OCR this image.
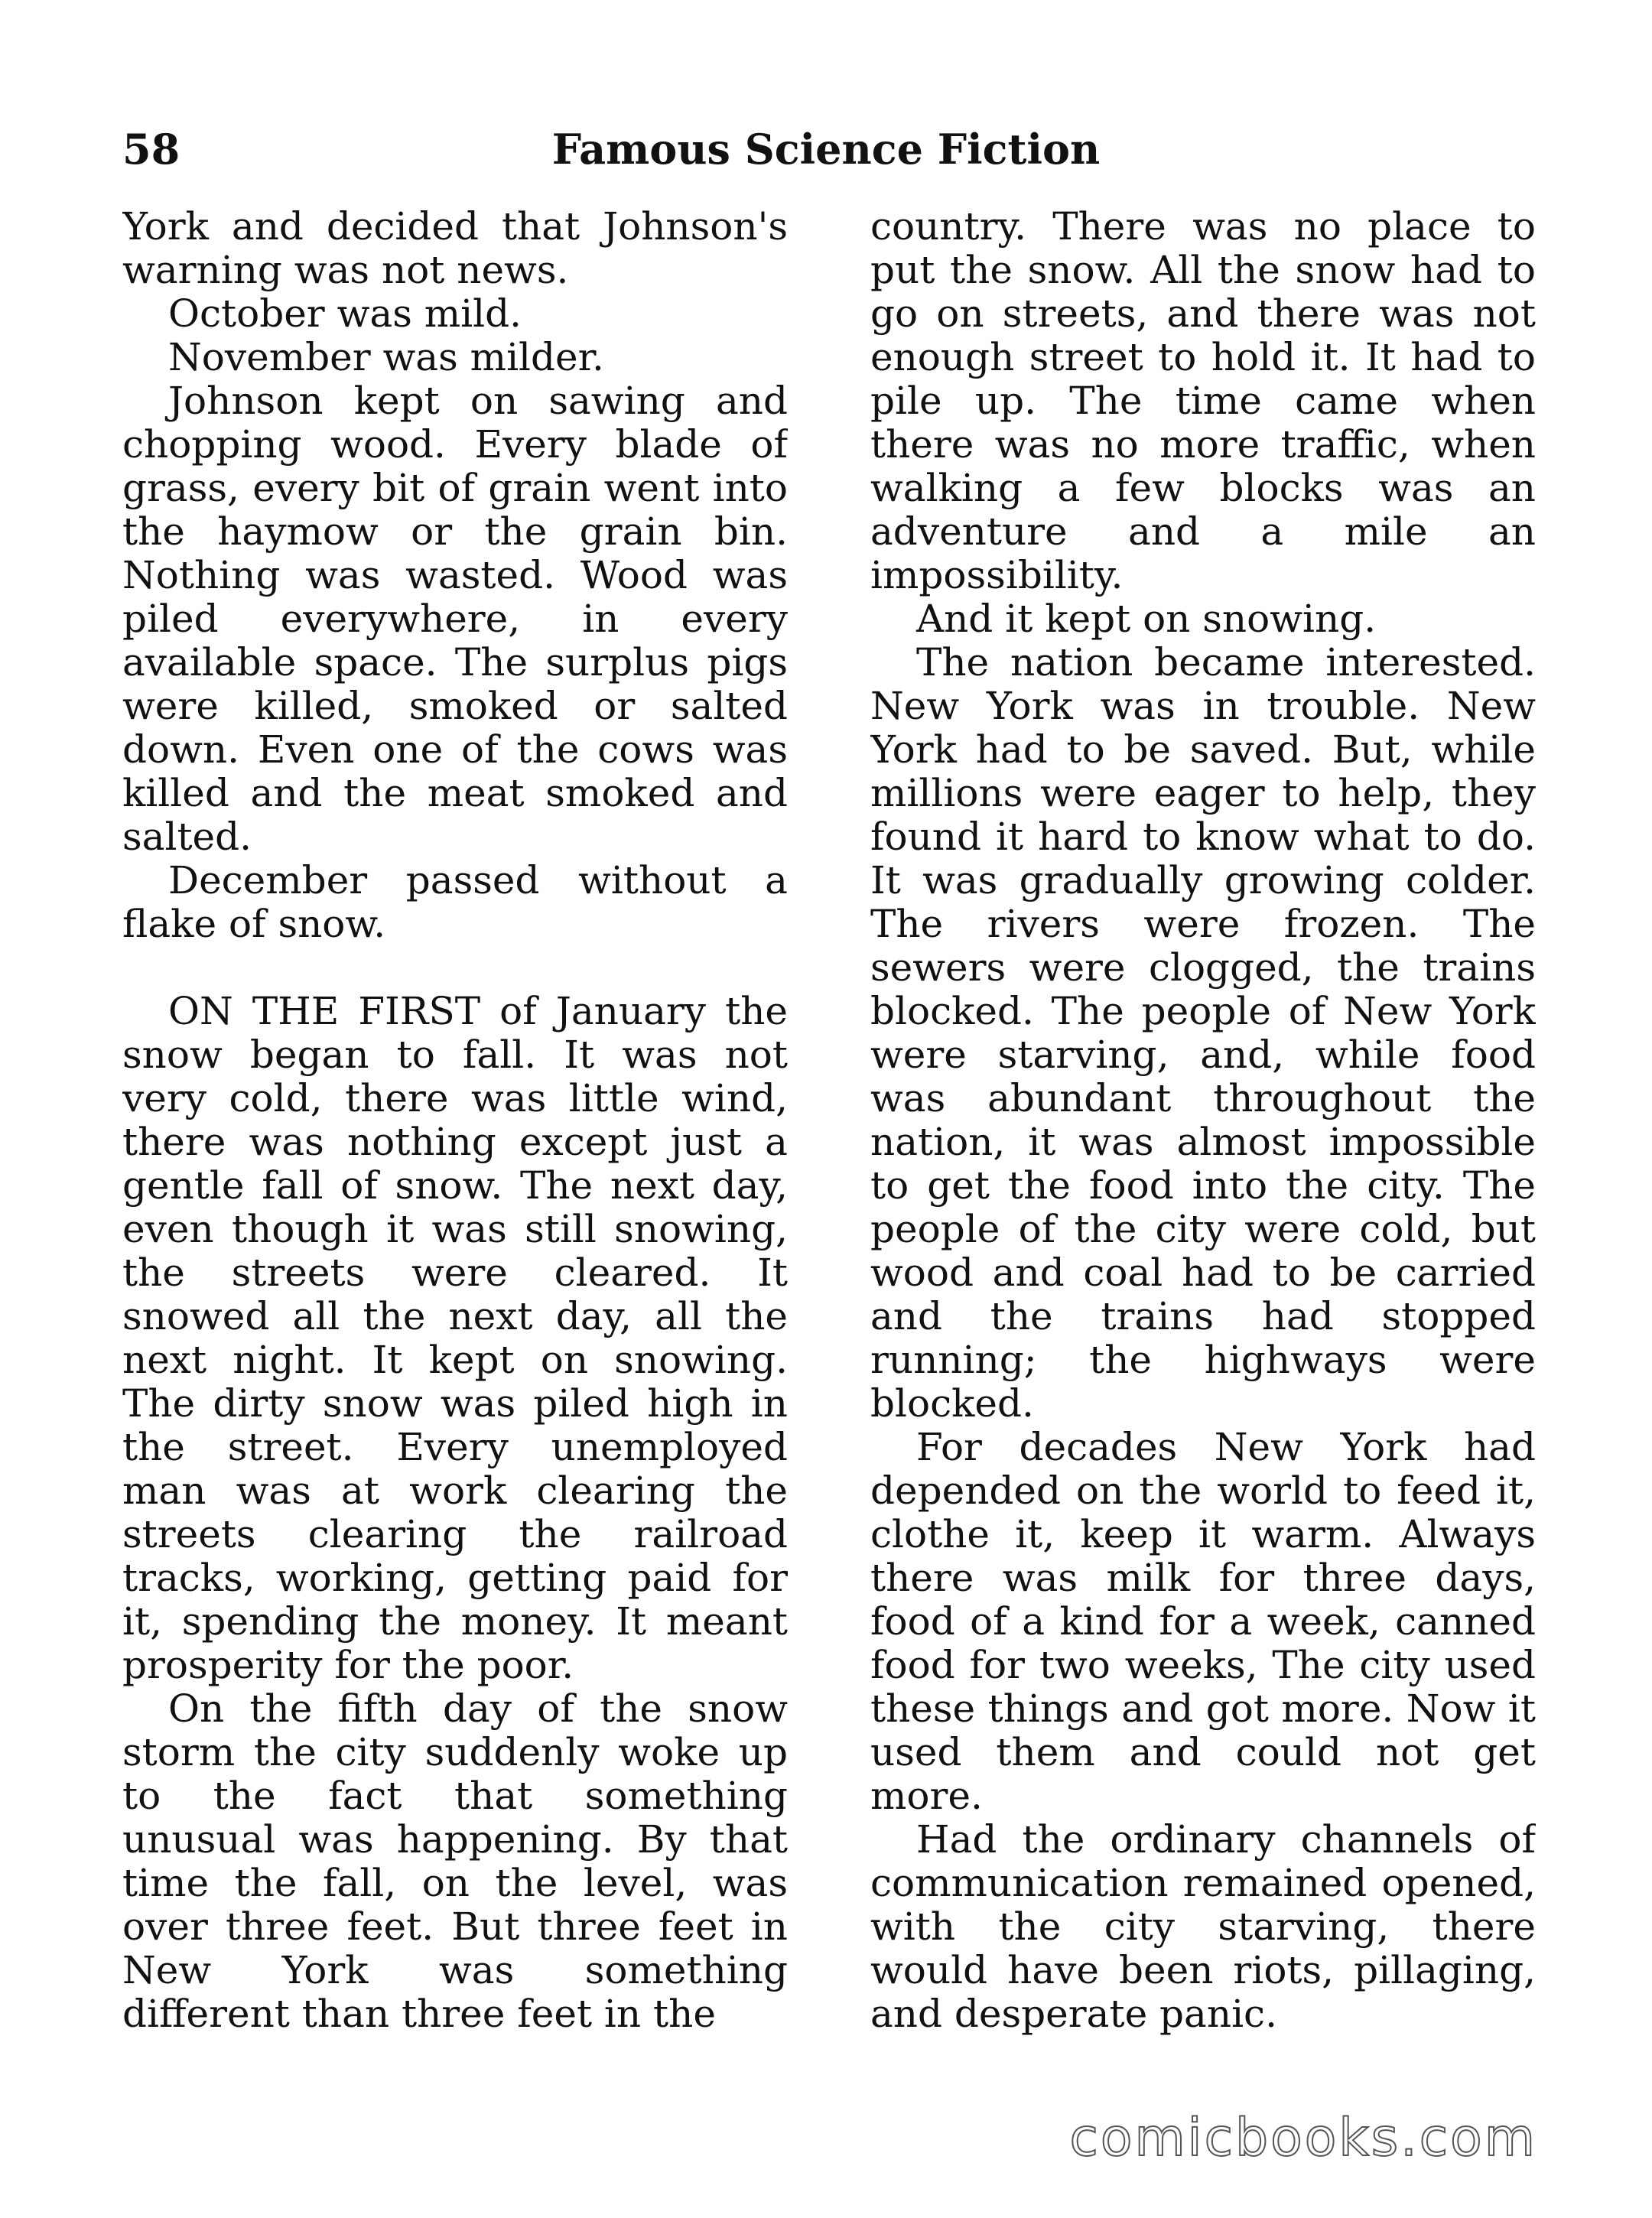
58	Famous Science Fiction

York and decided that Johnson's warning was not news.

October was mild.

November was milder.

Johnson kept on sawing and chopping wood. Every blade of grass, every bit of grain went into the haymow or the grain bin. Nothing was wasted. Wood was piled everywhere, in every available space. The surplus pigs were killed, smoked or salted down. Even one of the cows was killed and the meat smoked and salted.

December passed without a flake of snow.

ON THE FIRST of January the snow began to fall. It was not very cold, there was little wind, there was nothing except just a gentle fall of snow. The next day, even though it was still snowing, the streets were cleared. It snowed all the next day, all the next night. It kept on snowing. The dirty snow was piled high in the street. Every unemployed man was at work clearing the streets clearing the railroad tracks, working, getting paid for it, spending the money. It meant prosperity for the poor.

On the fifth day of the snow storm the city suddenly woke up to the fact that something unusual was happening. By that time the fall, on the level, was over three feet. But three feet in New York was something different than three feet in the

country. There was no place to put the snow. All the snow had to go on streets, and there was not enough street to hold it. It had to pile up. The time came when there was no more traffic, when walking a few blocks was an adventure and a mile an impossibility.

And it kept on snowing.

The nation became interested. New York was in trouble. New York had to be saved. But, while millions were eager to help, they found it hard to know what to do. It was gradually growing colder. The rivers were frozen. The sewers were clogged, the trains blocked. The people of New York were starving, and, while food was abundant throughout the nation, it was almost impossible to get the food into the city. The people of the city were cold, but wood and coal had to be carried and the trains had stopped running; the highways were blocked.

For decades New York had depended on the world to feed it, clothe it, keep it warm. Always there was milk for three days, food of a kind for a week, canned food for two weeks, The city used these things and got more. Now it used them and could not get more.

Had the ordinary channels of communication remained opened, with the city starving, there would have been riots, pillaging, and desperate panic.

comicbooks.com
